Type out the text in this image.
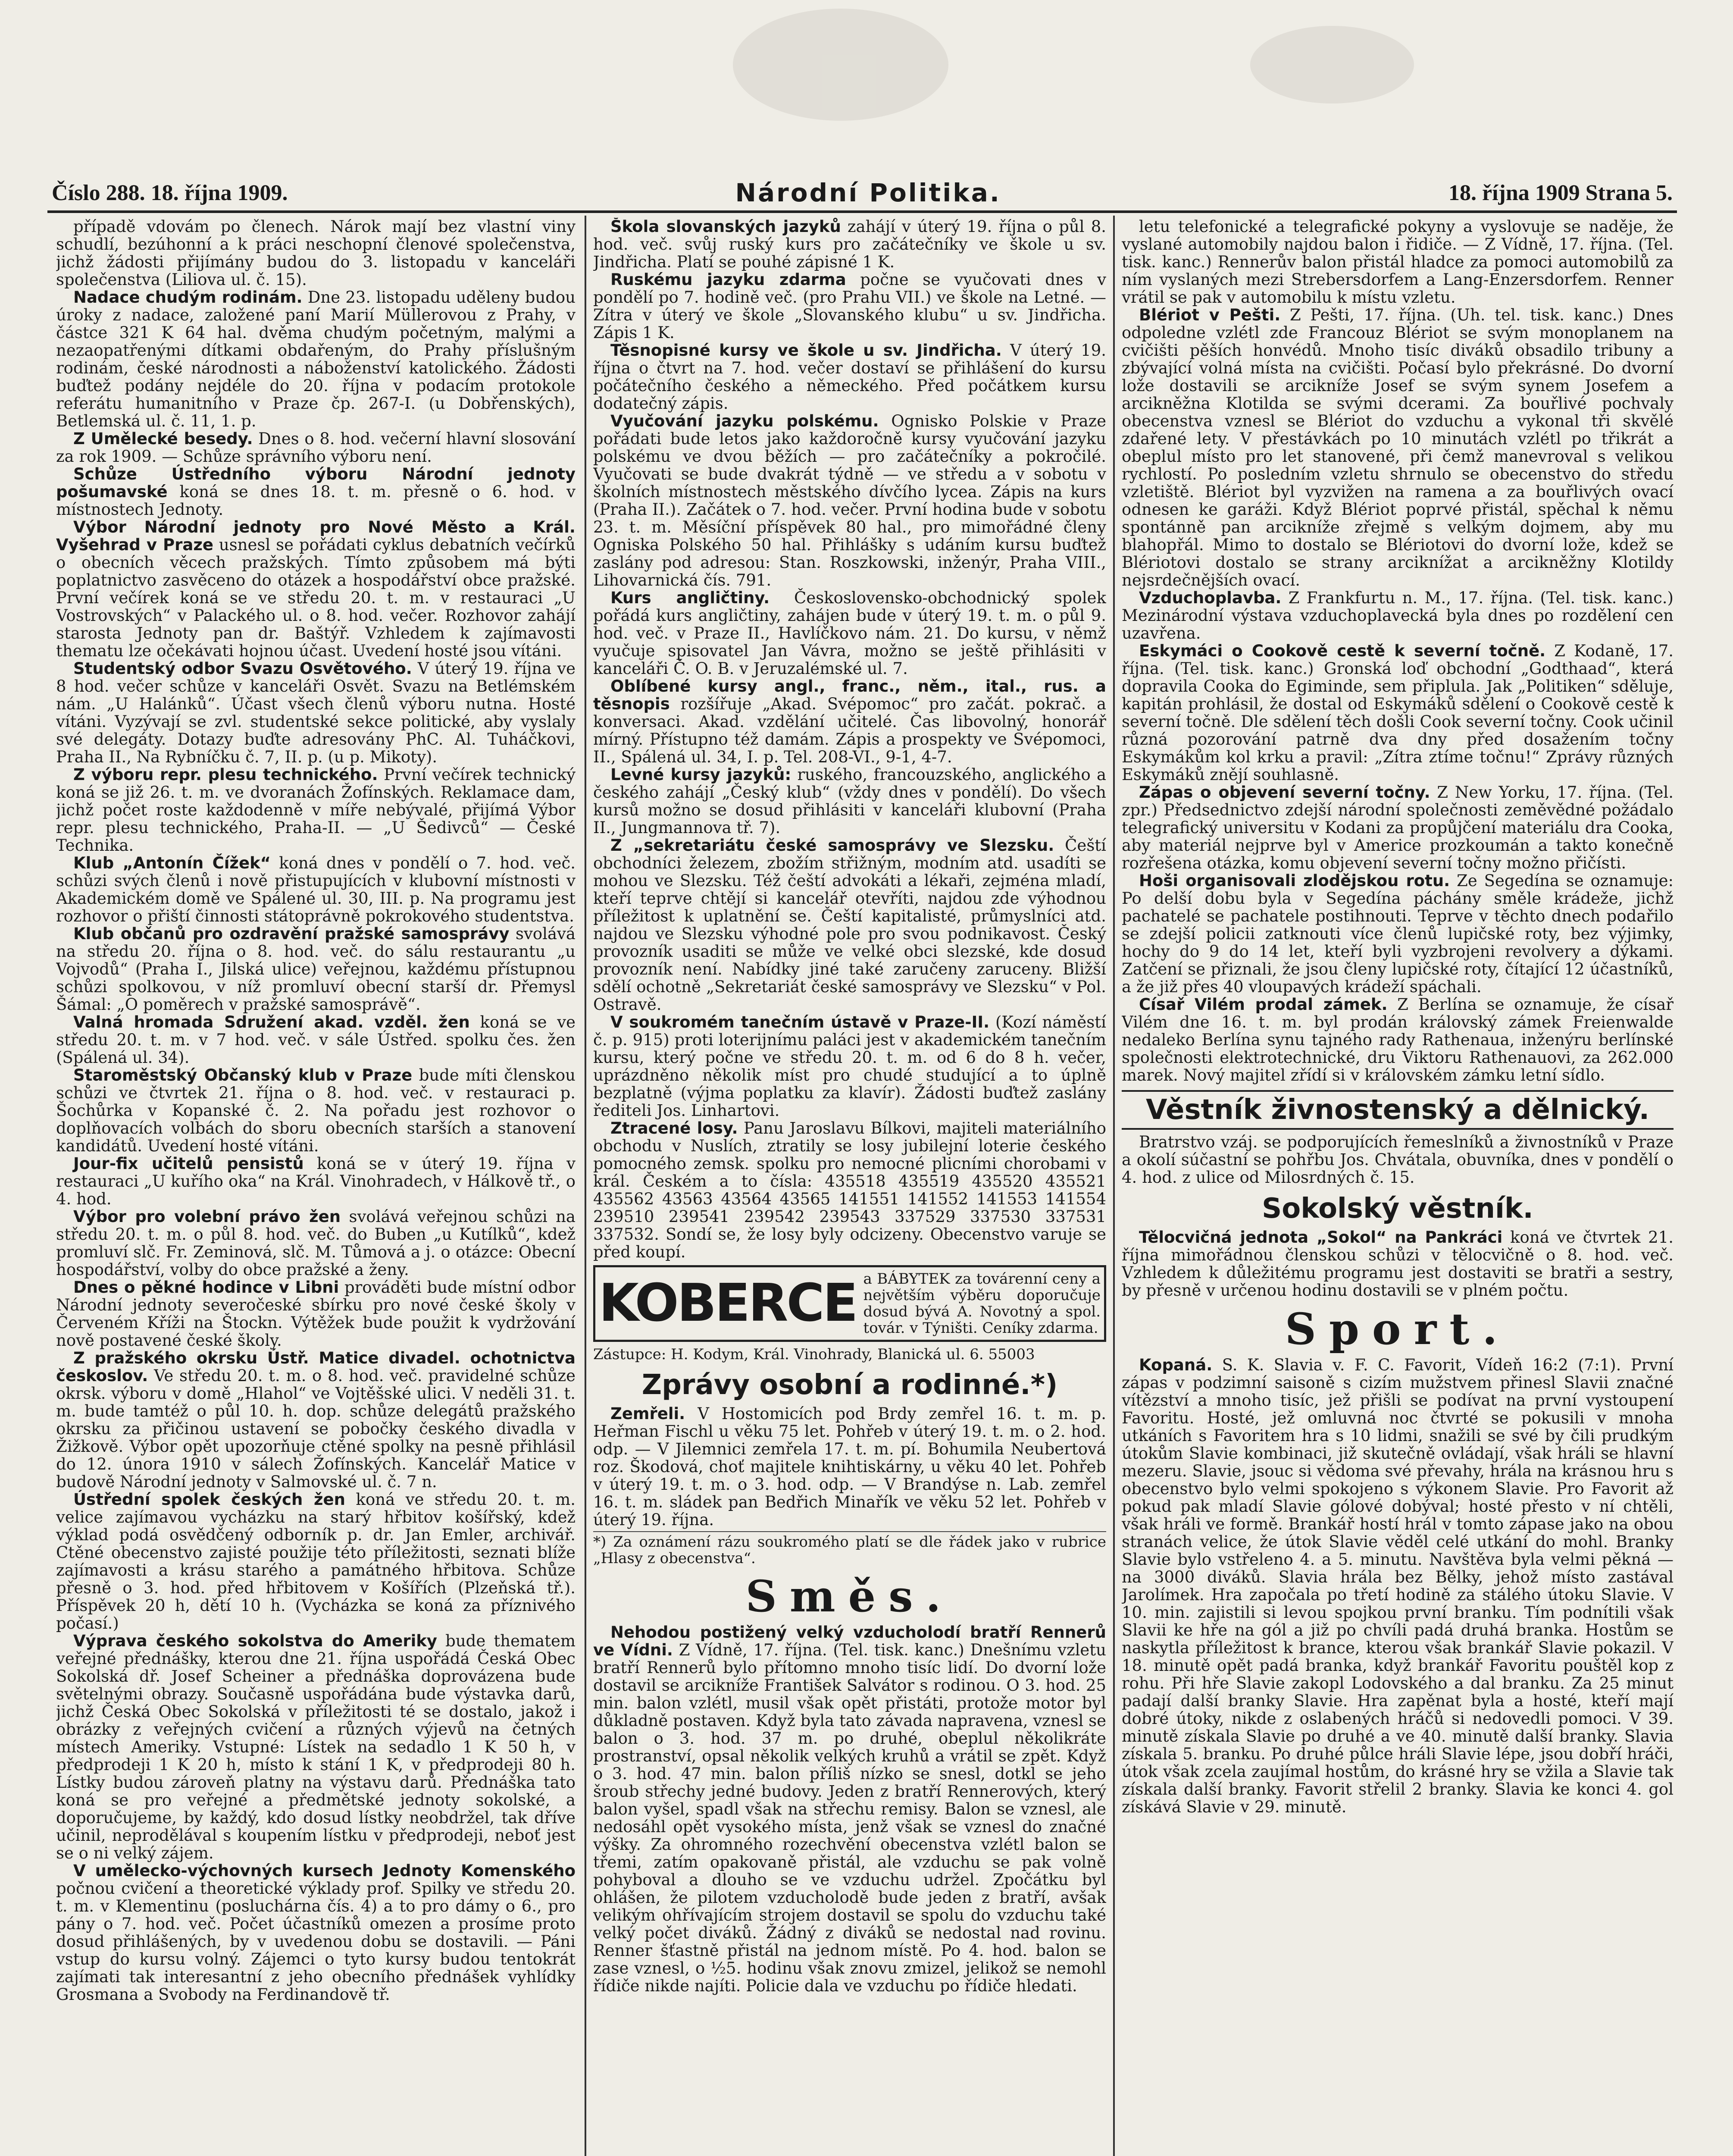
Číslo 288. 18. října 1909.	Národní Politika.	18. října 1909 Strana 5.

případě vdovám po členech. Nárok mají bez vlastní viny schudlí, bezúhonní a k práci neschopní členové společenstva, jichž žádosti přijímány budou do 3. listopadu v kanceláři společenstva (Liliova ul. č. 15).

Nadace chudým rodinám. Dne 23. listopadu uděleny budou úroky z nadace, založené paní Marií Müllerovou z Prahy, v částce 321 K 64 hal. dvěma chudým početným, malými a nezaopatřenými dítkami obdařeným, do Prahy příslušným rodinám, české národnosti a náboženství katolického. Žádosti buďtež podány nejdéle do 20. října v podacím protokole referátu humanitního v Praze čp. 267-I. (u Dobřenských), Betlemská ul. č. 11, 1. p.

Z Umělecké besedy. Dnes o 8. hod. večerní hlavní slosování za rok 1909. — Schůze správního výboru není.

Schůze Ústředního výboru Národní jednoty pošumavské koná se dnes 18. t. m. přesně o 6. hod. v místnostech Jednoty.

Výbor Národní jednoty pro Nové Město a Král. Vyšehrad v Praze usnesl se pořádati cyklus debatních večírků o obecních věcech pražských. Tímto způsobem má býti poplatnictvo zasvěceno do otázek a hospodářství obce pražské. První večírek koná se ve středu 20. t. m. v restauraci „U Vostrovských“ v Palackého ul. o 8. hod. večer. Rozhovor zahájí starosta Jednoty pan dr. Baštýř. Vzhledem k zajímavosti thematu lze očekávati hojnou účast. Uvedení hosté jsou vítáni.

Studentský odbor Svazu Osvětového. V úterý 19. října ve 8 hod. večer schůze v kanceláři Osvět. Svazu na Betlémském nám. „U Halánků“. Účast všech členů výboru nutna. Hosté vítáni. Vyzývají se zvl. studentské sekce politické, aby vyslaly své delegáty. Dotazy buďte adresovány PhC. Al. Tuháčkovi, Praha II., Na Rybníčku č. 7, II. p. (u p. Mikoty).

Z výboru repr. plesu technického. První večírek technický koná se již 26. t. m. ve dvoranách Žofínských. Reklamace dam, jichž počet roste každodenně v míře nebývalé, přijímá Výbor repr. plesu technického, Praha-II. — „U Šedivců“ — České Technika.

Klub „Antonín Čížek“ koná dnes v pondělí o 7. hod. več. schůzi svých členů i nově přistupujících v klubovní místnosti v Akademickém domě ve Spálené ul. 30, III. p. Na programu jest rozhovor o přiští činnosti státoprávně pokrokového studentstva.

Klub občanů pro ozdravění pražské samosprávy svolává na středu 20. října o 8. hod. več. do sálu restaurantu „u Vojvodů“ (Praha I., Jilská ulice) veřejnou, každému přístupnou schůzi spolkovou, v níž promluví obecní starší dr. Přemysl Šámal: „O poměrech v pražské samosprávě“.

Valná hromada Sdružení akad. vzděl. žen koná se ve středu 20. t. m. v 7 hod. več. v sále Ústřed. spolku čes. žen (Spálená ul. 34).

Staroměstský Občanský klub v Praze bude míti členskou schůzi ve čtvrtek 21. října o 8. hod. več. v restauraci p. Šochůrka v Kopanské č. 2. Na pořadu jest rozhovor o doplňovacích volbách do sboru obecních starších a stanovení kandidátů. Uvedení hosté vítáni.

Jour-fix učitelů pensistů koná se v úterý 19. října v restauraci „U kuřího oka“ na Král. Vinohradech, v Hálkově tř., o 4. hod.

Výbor pro volební právo žen svolává veřejnou schůzi na středu 20. t. m. o půl 8. hod. več. do Buben „u Kutílků“, kdež promluví slč. Fr. Zeminová, slč. M. Tůmová a j. o otázce: Obecní hospodářství, volby do obce pražské a ženy.

Dnes o pěkné hodince v Libni prováděti bude místní odbor Národní jednoty severočeské sbírku pro nové české školy v Červeném Kříži na Štockn. Výtěžek bude použit k vydržování nově postavené české školy.

Z pražského okrsku Ústř. Matice divadel. ochotnictva českoslov. Ve středu 20. t. m. o 8. hod. več. pravidelné schůze okrsk. výboru v domě „Hlahol“ ve Vojtěšské ulici. V neděli 31. t. m. bude tamtéž o půl 10. h. dop. schůze delegátů pražského okrsku za přičinou ustavení se pobočky českého divadla v Žižkově. Výbor opět upozorňuje ctěné spolky na pesně přihlásil do 12. února 1910 v sálech Žofínských. Kancelář Matice v budově Národní jednoty v Salmovské ul. č. 7 n.

Ústřední spolek českých žen koná ve středu 20. t. m. velice zajímavou vycházku na starý hřbitov košířský, kdež výklad podá osvědčený odborník p. dr. Jan Emler, archivář. Ctěné obecenstvo zajisté použije této příležitosti, seznati blíže zajímavosti a krásu starého a památného hřbitova. Schůze přesně o 3. hod. před hřbitovem v Košířích (Plzeňská tř.). Příspěvek 20 h, dětí 10 h. (Vycházka se koná za příznivého počasí.)

Výprava českého sokolstva do Ameriky bude thematem veřejné přednášky, kterou dne 21. října uspořádá Česká Obec Sokolská dř. Josef Scheiner a přednáška doprovázena bude světelnými obrazy. Současně uspořádána bude výstavka darů, jichž Česká Obec Sokolská v příležitosti té se dostalo, jakož i obrázky z veřejných cvičení a různých výjevů na četných místech Ameriky. Vstupné: Lístek na sedadlo 1 K 50 h, v předprodeji 1 K 20 h, místo k stání 1 K, v předprodeji 80 h. Lístky budou zároveň platny na výstavu darů. Přednáška tato koná se pro veřejné a předmětské jednoty sokolské, a doporučujeme, by každý, kdo dosud lístky neobdržel, tak dříve učinil, neprodělával s koupením lístku v předprodeji, neboť jest se o ni velký zájem.

V umělecko-výchovných kursech Jednoty Komenského počnou cvičení a theoretické výklady prof. Spilky ve středu 20. t. m. v Klementinu (posluchárna čís. 4) a to pro dámy o 6., pro pány o 7. hod. več. Počet účastníků omezen a prosíme proto dosud přihlášených, by v uvedenou dobu se dostavili. — Páni vstup do kursu volný. Zájemci o tyto kursy budou tentokrát zajímati tak interesantní z jeho obecního přednášek vyhlídky Grosmana a Svobody na Ferdinandově tř.

Škola slovanských jazyků zahájí v úterý 19. října o půl 8. hod. več. svůj ruský kurs pro začátečníky ve škole u sv. Jindřicha. Platí se pouhé zápisné 1 K.

Ruskému jazyku zdarma počne se vyučovati dnes v pondělí po 7. hodině več. (pro Prahu VII.) ve škole na Letné. — Zítra v úterý ve škole „Slovanského klubu“ u sv. Jindřicha. Zápis 1 K.

Těsnopisné kursy ve škole u sv. Jindřicha. V úterý 19. října o čtvrt na 7. hod. večer dostaví se přihlášení do kursu počátečního českého a německého. Před počátkem kursu dodatečný zápis.

Vyučování jazyku polskému. Ognisko Polskie v Praze pořádati bude letos jako každoročně kursy vyučování jazyku polskému ve dvou běžích — pro začátečníky a pokročilé. Vyučovati se bude dvakrát týdně — ve středu a v sobotu v školních místnostech městského dívčího lycea. Zápis na kurs (Praha II.). Začátek o 7. hod. večer. První hodina bude v sobotu 23. t. m. Měsíční příspěvek 80 hal., pro mimořádné členy Ogniska Polského 50 hal. Přihlášky s udáním kursu buďtež zaslány pod adresou: Stan. Roszkowski, inženýr, Praha VIII., Lihovarnická čís. 791.

Kurs angličtiny. Československo-obchodnický spolek pořádá kurs angličtiny, zahájen bude v úterý 19. t. m. o půl 9. hod. več. v Praze II., Havlíčkovo nám. 21. Do kursu, v němž vyučuje spisovatel Jan Vávra, možno se ještě přihlásiti v kanceláři Č. O. B. v Jeruzalémské ul. 7.

Oblíbené kursy angl., franc., něm., ital., rus. a těsnopis rozšířuje „Akad. Svépomoc“ pro začát. pokrač. a konversaci. Akad. vzdělání učitelé. Čas libovolný, honorář mírný. Přístupno též damám. Zápis a prospekty ve Svépomoci, II., Spálená ul. 34, I. p. Tel. 208-VI., 9-1, 4-7.

Levné kursy jazyků: ruského, francouzského, anglického a českého zahájí „Český klub“ (vždy dnes v pondělí). Do všech kursů možno se dosud přihlásiti v kanceláři klubovní (Praha II., Jungmannova tř. 7).

Z „sekretariátu české samosprávy ve Slezsku. Čeští obchodníci železem, zbožím střižným, modním atd. usadíti se mohou ve Slezsku. Též čeští advokáti a lékaři, zejména mladí, kteří teprve chtějí si kancelář otevříti, najdou zde výhodnou příležitost k uplatnění se. Čeští kapitalisté, průmyslníci atd. najdou ve Slezsku výhodné pole pro svou podnikavost. Český provozník usaditi se může ve velké obci slezské, kde dosud provozník není. Nabídky jiné také zaručeny zaruceny. Bližší sdělí ochotně „Sekretariát české samosprávy ve Slezsku“ v Pol. Ostravě.

V soukromém tanečním ústavě v Praze-II. (Kozí náměstí č. p. 915) proti loterijnímu paláci jest v akademickém tanečním kursu, který počne ve středu 20. t. m. od 6 do 8 h. večer, uprázdněno několik míst pro chudé studující a to úplně bezplatně (výjma poplatku za klavír). Žádosti buďtež zaslány řediteli Jos. Linhartovi.

Ztracené losy. Panu Jaroslavu Bílkovi, majiteli materiálního obchodu v Nuslích, ztratily se losy jubilejní loterie českého pomocného zemsk. spolku pro nemocné plicními chorobami v král. Českém a to čísla: 435518 435519 435520 435521 435562 43563 43564 43565 141551 141552 141553 141554 239510 239541 239542 239543 337529 337530 337531 337532. Sondí se, že losy byly odcizeny. Obecenstvo varuje se před koupí.

KOBERCE a BÁBYTEK za továrenní ceny a největším výběru doporučuje dosud bývá A. Novotný a spol. továr. v Týništi. Ceníky zdarma.
Zástupce: H. Kodym, Král. Vinohrady, Blanická ul. 6. 55003
Zprávy osobní a rodinné.*)

Zemřeli. V Hostomicích pod Brdy zemřel 16. t. m. p. Heřman Fischl u věku 75 let. Pohřeb v úterý 19. t. m. o 2. hod. odp. — V Jilemnici zemřela 17. t. m. pí. Bohumila Neubertová roz. Škodová, choť majitele knihtiskárny, u věku 40 let. Pohřeb v úterý 19. t. m. o 3. hod. odp. — V Brandýse n. Lab. zemřel 16. t. m. sládek pan Bedřich Minařík ve věku 52 let. Pohřeb v úterý 19. října.

*) Za oznámení rázu soukromého platí se dle řádek jako v rubrice „Hlasy z obecenstva“.
Směs.

Nehodou postižený velký vzducholodí bratří Rennerů ve Vídni. Z Vídně, 17. října. (Tel. tisk. kanc.) Dnešnímu vzletu bratří Rennerů bylo přítomno mnoho tisíc lidí. Do dvorní lože dostavil se arcikníže František Salvátor s rodinou. O 3. hod. 25 min. balon vzlétl, musil však opět přistáti, protože motor byl důkladně postaven. Když byla tato závada napravena, vznesl se balon o 3. hod. 37 m. po druhé, obeplul několikráte prostranství, opsal několik velkých kruhů a vrátil se zpět. Když o 3. hod. 47 min. balon příliš nízko se snesl, dotkl se jeho šroub střechy jedné budovy. Jeden z bratří Rennerových, který balon vyšel, spadl však na střechu remisy. Balon se vznesl, ale nedosáhl opět vysokého místa, jenž však se vznesl do značné výšky. Za ohromného rozechvění obecenstva vzlétl balon se třemi, zatím opakovaně přistál, ale vzduchu se pak volně pohyboval a dlouho se ve vzduchu udržel. Zpočátku byl ohlášen, že pilotem vzducholodě bude jeden z bratří, avšak velikým ohřívajícím strojem dostavil se spolu do vzduchu také velký počet diváků. Žádný z diváků se nedostal nad rovinu. Renner šťastně přistál na jednom místě. Po 4. hod. balon se zase vznesl, o ½5. hodinu však znovu zmizel, jelikož se nemohl řídiče nikde najíti. Policie dala ve vzduchu po řídiče hledati.

letu telefonické a telegrafické pokyny a vyslovuje se naděje, že vyslané automobily najdou balon i řidiče. — Z Vídně, 17. října. (Tel. tisk. kanc.) Rennerův balon přistál hladce za pomoci automobilů za ním vyslaných mezi Strebersdorfem a Lang-Enzersdorfem. Renner vrátil se pak v automobilu k místu vzletu.

Blériot v Pešti. Z Pešti, 17. října. (Uh. tel. tisk. kanc.) Dnes odpoledne vzlétl zde Francouz Blériot se svým monoplanem na cvičišti pěších honvédů. Mnoho tisíc diváků obsadilo tribuny a zbývající volná místa na cvičišti. Počasí bylo překrásné. Do dvorní lože dostavili se arcikníže Josef se svým synem Josefem a arcikněžna Klotilda se svými dcerami. Za bouřlivé pochvaly obecenstva vznesl se Blériot do vzduchu a vykonal tři skvělé zdařené lety. V přestávkách po 10 minutách vzlétl po třikrát a obeplul místo pro let stanovené, při čemž manevroval s velikou rychlostí. Po posledním vzletu shrnulo se obecenstvo do středu vzletiště. Blériot byl vyzvižen na ramena a za bouřlivých ovací odnesen ke garáži. Když Blériot poprvé přistál, spěchal k němu spontánně pan arcikníže zřejmě s velkým dojmem, aby mu blahopřál. Mimo to dostalo se Blériotovi do dvorní lože, kdež se Blériotovi dostalo se strany arciknížat a arcikněžny Klotildy nejsrdečnějších ovací.

Vzduchoplavba. Z Frankfurtu n. M., 17. října. (Tel. tisk. kanc.) Mezinárodní výstava vzduchoplavecká byla dnes po rozdělení cen uzavřena.

Eskymáci o Cookově cestě k severní točně. Z Kodaně, 17. října. (Tel. tisk. kanc.) Gronská loď obchodní „Godthaad“, která dopravila Cooka do Egiminde, sem připlula. Jak „Politiken“ sděluje, kapitán prohlásil, že dostal od Eskymáků sdělení o Cookově cestě k severní točně. Dle sdělení těch došli Cook severní točny. Cook učinil různá pozorování patrně dva dny před dosažením točny Eskymákům kol krku a pravil: „Zítra ztíme točnu!“ Zprávy různých Eskymáků znějí souhlasně.

Zápas o objevení severní točny. Z New Yorku, 17. října. (Tel. zpr.) Předsednictvo zdejší národní společnosti zeměvědné požádalo telegrafický universitu v Kodani za propůjčení materiálu dra Cooka, aby materiál nejprve byl v Americe prozkoumán a takto konečně rozřešena otázka, komu objevení severní točny možno přičísti.

Hoši organisovali zlodějskou rotu. Ze Segedína se oznamuje: Po delší dobu byla v Segedína páchány směle krádeže, jichž pachatelé se pachatele postihnouti. Teprve v těchto dnech podařilo se zdejší policii zatknouti více členů lupičské roty, bez výjimky, hochy do 9 do 14 let, kteří byli vyzbrojeni revolvery a dýkami. Zatčení se přiznali, že jsou členy lupičské roty, čítající 12 účastníků, a že již přes 40 vloupavých krádeží spáchali.

Císař Vilém prodal zámek. Z Berlína se oznamuje, že císař Vilém dne 16. t. m. byl prodán královský zámek Freienwalde nedaleko Berlína synu tajného rady Rathenaua, inženýru berlínské společnosti elektrotechnické, dru Viktoru Rathenauovi, za 262.000 marek. Nový majitel zřídí si v královském zámku letní sídlo.

Věstník živnostenský a dělnický.

Bratrstvo vzáj. se podporujících řemeslníků a živnostníků v Praze a okolí súčastní se pohřbu Jos. Chvátala, obuvníka, dnes v pondělí o 4. hod. z ulice od Milosrdných č. 15.

Sokolský věstník.

Tělocvičná jednota „Sokol“ na Pankráci koná ve čtvrtek 21. října mimořádnou členskou schůzi v tělocvičně o 8. hod. več. Vzhledem k důležitému programu jest dostaviti se bratři a sestry, by přesně v určenou hodinu dostavili se v plném počtu.

Sport.

Kopaná. S. K. Slavia v. F. C. Favorit, Vídeň 16:2 (7:1). První zápas v podzimní saisoně s cizím mužstvem přinesl Slavii značné vítězství a mnoho tisíc, jež přišli se podívat na první vystoupení Favoritu. Hosté, jež omluvná noc čtvrté se pokusili v mnoha utkáních s Favoritem hra s 10 lidmi, snažili se své by čili prudkým útokům Slavie kombinaci, již skutečně ovládají, však hráli se hlavní mezeru. Slavie, jsouc si vědoma své převahy, hrála na krásnou hru s obecenstvo bylo velmi spokojeno s výkonem Slavie. Pro Favorit až pokud pak mladí Slavie gólové dobýval; hosté přesto v ní chtěli, však hráli ve formě. Brankář hostí hrál v tomto zápase jako na obou stranách velice, že útok Slavie věděl celé utkání do mohl. Branky Slavie bylo vstřeleno 4. a 5. minutu. Navštěva byla velmi pěkná — na 3000 diváků. Slavia hrála bez Bělky, jehož místo zastával Jarolímek. Hra započala po třetí hodině za stálého útoku Slavie. V 10. min. zajistili si levou spojkou první branku. Tím podnítili však Slavii ke hře na gól a již po chvíli padá druhá branka. Hostům se naskytla příležitost k brance, kterou však brankář Slavie pokazil. V 18. minutě opět padá branka, když brankář Favoritu pouštěl kop z rohu. Při hře Slavie zakopl Lodovského a dal branku. Za 25 minut padají další branky Slavie. Hra zapěnat byla a hosté, kteří mají dobré útoky, nikde z oslabených hráčů si nedovedli pomoci. V 39. minutě získala Slavie po druhé a ve 40. minutě další branky. Slavia získala 5. branku. Po druhé půlce hráli Slavie lépe, jsou dobří hráči, útok však zcela zaujímal hostům, do krásné hry se vžila a Slavie tak získala další branky. Favorit střelil 2 branky. Slavia ke konci 4. gol získává Slavie v 29. minutě.
